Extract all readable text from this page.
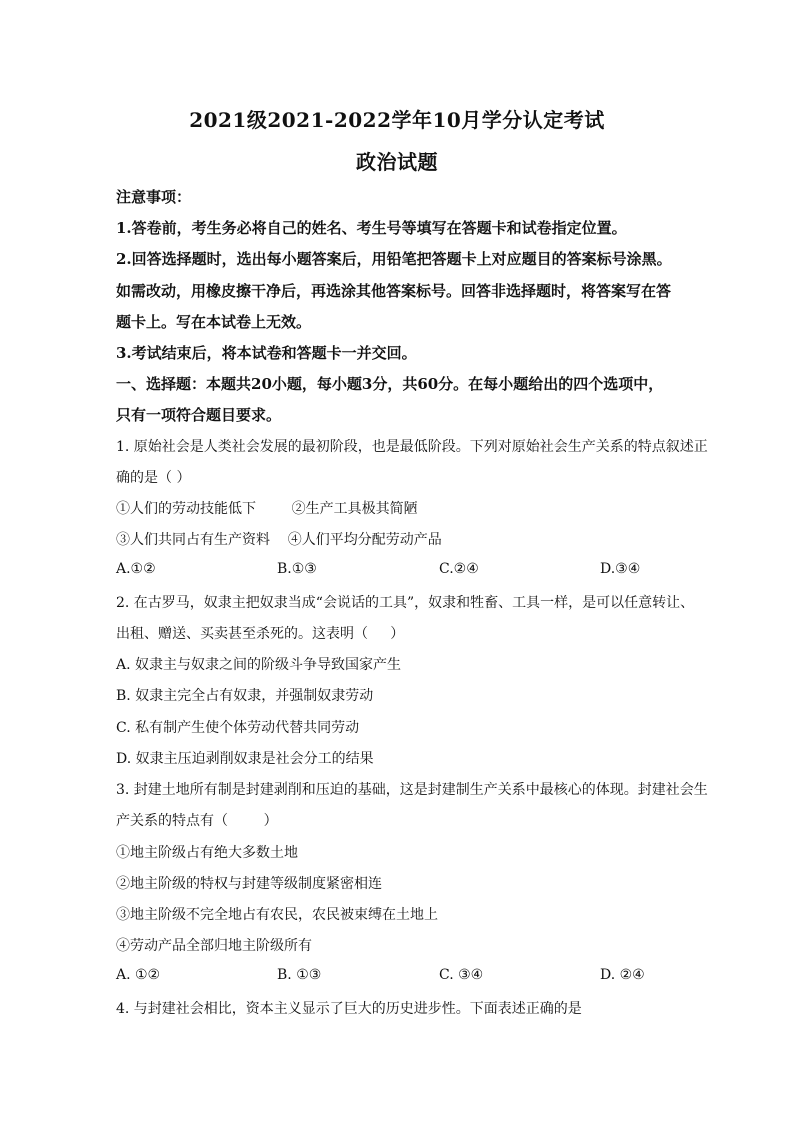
2021级2021-2022学年10月学分认定考试
政治试题
注意事项：
1.答卷前，考生务必将自己的姓名、考生号等填写在答题卡和试卷指定位置。
2.回答选择题时，选出每小题答案后，用铅笔把答题卡上对应题目的答案标号涂黑。
如需改动，用橡皮擦干净后，再选涂其他答案标号。回答非选择题时，将答案写在答
题卡上。写在本试卷上无效。
3.考试结束后，将本试卷和答题卡一并交回。
一、选择题：本题共20小题，每小题3分，共60分。在每小题给出的四个选项中，
只有一项符合题目要求。
1. 原始社会是人类社会发展的最初阶段，也是最低阶段。下列对原始社会生产关系的特点叙述正
确的是（ ）
①人们的劳动技能低下        ②生产工具极其简陋
③人们共同占有生产资料    ④人们平均分配劳动产品
A.①②	B.①③	C.②④	D.③④
2. 在古罗马，奴隶主把奴隶当成“会说话的工具”，奴隶和牲畜、工具一样，是可以任意转让、
出租、赠送、买卖甚至杀死的。这表明（     ）
A. 奴隶主与奴隶之间的阶级斗争导致国家产生
B. 奴隶主完全占有奴隶，并强制奴隶劳动
C. 私有制产生使个体劳动代替共同劳动
D. 奴隶主压迫剥削奴隶是社会分工的结果
3. 封建土地所有制是封建剥削和压迫的基础，这是封建制生产关系中最核心的体现。封建社会生
产关系的特点有（        ）
①地主阶级占有绝大多数土地
②地主阶级的特权与封建等级制度紧密相连
③地主阶级不完全地占有农民，农民被束缚在土地上
④劳动产品全部归地主阶级所有
A. ①②	B. ①③	C. ③④	D. ②④
4. 与封建社会相比，资本主义显示了巨大的历史进步性。下面表述正确的是
